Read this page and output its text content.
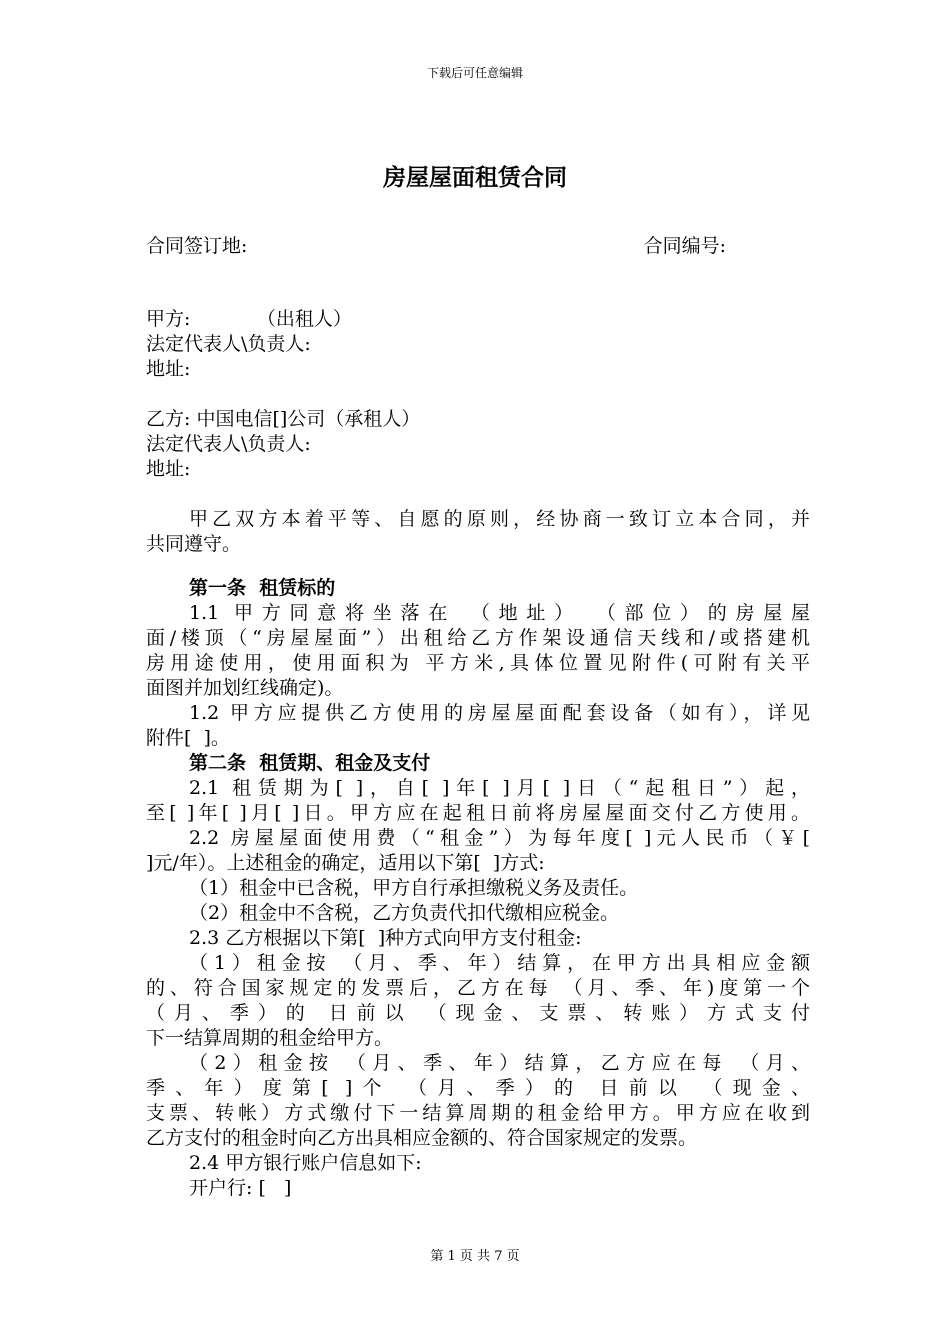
下载后可任意编辑
房屋屋面租赁合同
合同签订地:	合同编号:
甲方:           （出租人）
法定代表人\负责人:
地址:
乙方: 中国电信[]公司（承租人）
法定代表人\负责人:
地址:
甲乙双方本着平等、自愿的原则，经协商一致订立本合同，并
共同遵守。
第一条  租赁标的
1.1 甲方同意将坐落在 （地址） （部位）的房屋屋
面/楼顶（“房屋屋面”）出租给乙方作架设通信天线和/或搭建机
房用途使用，使用面积为 平方米,具体位置见附件(可附有关平
面图并加划红线确定)。
1.2 甲方应提供乙方使用的房屋屋面配套设备（如有），详见
附件[  ]。
第二条  租赁期、租金及支付
2.1 租赁期为[ ]，自[ ]年[ ]月[ ]日（“起租日”）起，
至[ ]年[ ]月[ ]日。甲方应在起租日前将房屋屋面交付乙方使用。
2.2 房屋屋面使用费（“租金”）为每年度[ ]元人民币（￥[
]元/年）。上述租金的确定，适用以下第[  ]方式:
（1）租金中已含税，甲方自行承担缴税义务及责任。
（2）租金中不含税，乙方负责代扣代缴相应税金。
2.3 乙方根据以下第[  ]种方式向甲方支付租金:
（1）租金按 （月、季、年）结算，在甲方出具相应金额
的、符合国家规定的发票后，乙方在每 （月、季、年)度第一个
（月、季）的 日前以 （现金、支票、转账）方式支付
下一结算周期的租金给甲方。
（2）租金按 （月、季、年）结算，乙方应在每 （月、
季、年）度第[ ]个 （月、季）的 日前以 （现金、
支票、转帐）方式缴付下一结算周期的租金给甲方。甲方应在收到
乙方支付的租金时向乙方出具相应金额的、符合国家规定的发票。
2.4 甲方银行账户信息如下:
开户行: [   ]
第 1 页 共 7 页
